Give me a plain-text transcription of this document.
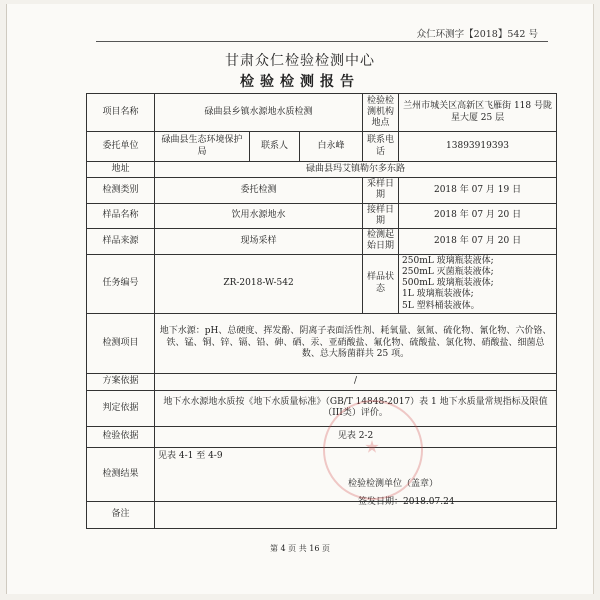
众仁环测字【2018】542 号
甘肃众仁检验检测中心
检验检测报告
项目名称	碌曲县乡镇水源地水质检测			检验检测机构地点	兰州市城关区高新区飞雁街 118 号陇星大厦 25 层
委托单位	碌曲县生态环境保护局	联系人	白永峰	联系电话	13893919393
地址	碌曲县玛艾镇勒尔多东路				
检测类别	委托检测			采样日期	2018 年 07 月 19 日
样品名称	饮用水源地水			接样日期	2018 年 07 月 20 日
样品来源	现场采样			检测起始日期	2018 年 07 月 20 日
任务编号	ZR-2018-W-542			样品状态	250mL 玻璃瓶装液体;
250mL 灭菌瓶装液体;
500mL 玻璃瓶装液体;
1L 玻璃瓶装液体;
5L 塑料桶装液体。

检测项目	地下水源：pH、总硬度、挥发酚、阴离子表面活性剂、耗氧量、氨氮、硫化物、氰化物、六价铬、铁、锰、铜、锌、镉、铅、砷、硒、汞、亚硝酸盐、氟化物、硫酸盐、氯化物、硝酸盐、细菌总数、总大肠菌群共 25 项。				
方案依据	/				
判定依据	地下水水源地水质按《地下水质量标准》（GB/T 14848-2017）表 1 地下水质量常规指标及限值（III类）评价。				
检验依据	见表 2-2				
检测结果	见表 4-1 至 4-9
检验检测单位（盖章）
签发日期：2018.07.24				

备注					
第 4 页 共 16 页
